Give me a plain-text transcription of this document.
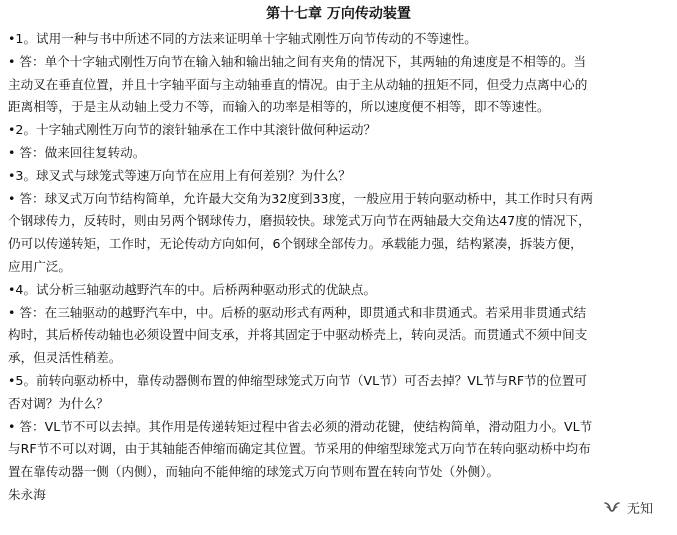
第十七章 万向传动装置
•1。试用一种与书中所述不同的方法来证明单十字轴式刚性万向节传动的不等速性。
• 答：单个十字轴式刚性万向节在输入轴和输出轴之间有夹角的情况下，其两轴的角速度是不相等的。当
主动叉在垂直位置，并且十字轴平面与主动轴垂直的情况。由于主从动轴的扭矩不同，但受力点离中心的
距离相等，于是主从动轴上受力不等，而输入的功率是相等的，所以速度便不相等，即不等速性。
•2。十字轴式刚性万向节的滚针轴承在工作中其滚针做何种运动？
• 答：做来回往复转动。
•3。球叉式与球笼式等速万向节在应用上有何差别？为什么？
• 答：球叉式万向节结构简单，允许最大交角为32度到33度，一般应用于转向驱动桥中，其工作时只有两
个钢球传力，反转时，则由另两个钢球传力，磨损较快。球笼式万向节在两轴最大交角达47度的情况下，
仍可以传递转矩，工作时，无论传动方向如何，6个钢球全部传力。承载能力强，结构紧凑，拆装方便，
应用广泛。
•4。试分析三轴驱动越野汽车的中。后桥两种驱动形式的优缺点。
• 答：在三轴驱动的越野汽车中，中。后桥的驱动形式有两种，即贯通式和非贯通式。若采用非贯通式结
构时，其后桥传动轴也必须设置中间支承，并将其固定于中驱动桥壳上，转向灵活。而贯通式不须中间支
承，但灵活性稍差。
•5。前转向驱动桥中，靠传动器侧布置的伸缩型球笼式万向节（VL节）可否去掉？VL节与RF节的位置可
否对调？为什么？
• 答：VL节不可以去掉。其作用是传递转矩过程中省去必须的滑动花键，使结构简单，滑动阻力小。VL节
与RF节不可以对调，由于其轴能否伸缩而确定其位置。节采用的伸缩型球笼式万向节在转向驱动桥中均布
置在靠传动器一侧（内侧），而轴向不能伸缩的球笼式万向节则布置在转向节处（外侧）。
朱永海
无知
